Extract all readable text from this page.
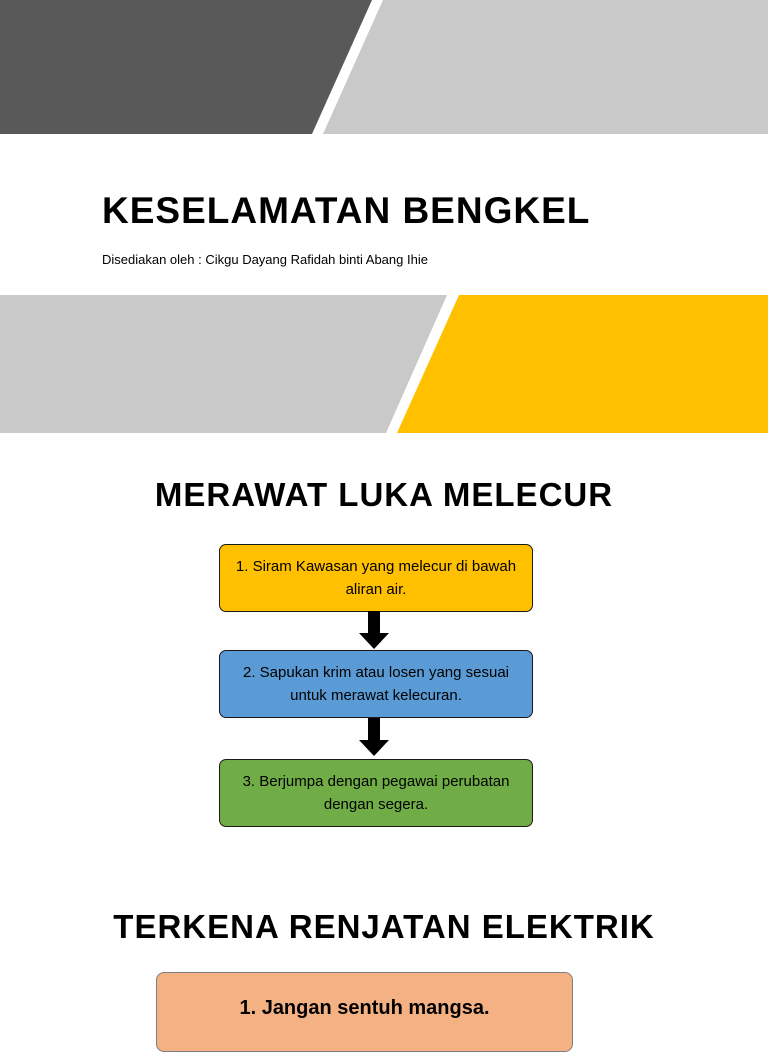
KESELAMATAN BENGKEL

Disediakan oleh : Cikgu Dayang Rafidah binti Abang Ihie

MERAWAT LUKA MELECUR
1. Siram Kawasan yang melecur di bawah aliran air.
2. Sapukan krim atau losen yang sesuai untuk merawat kelecuran.
3. Berjumpa dengan pegawai perubatan dengan segera.
TERKENA RENJATAN ELEKTRIK
1. Jangan sentuh mangsa.
